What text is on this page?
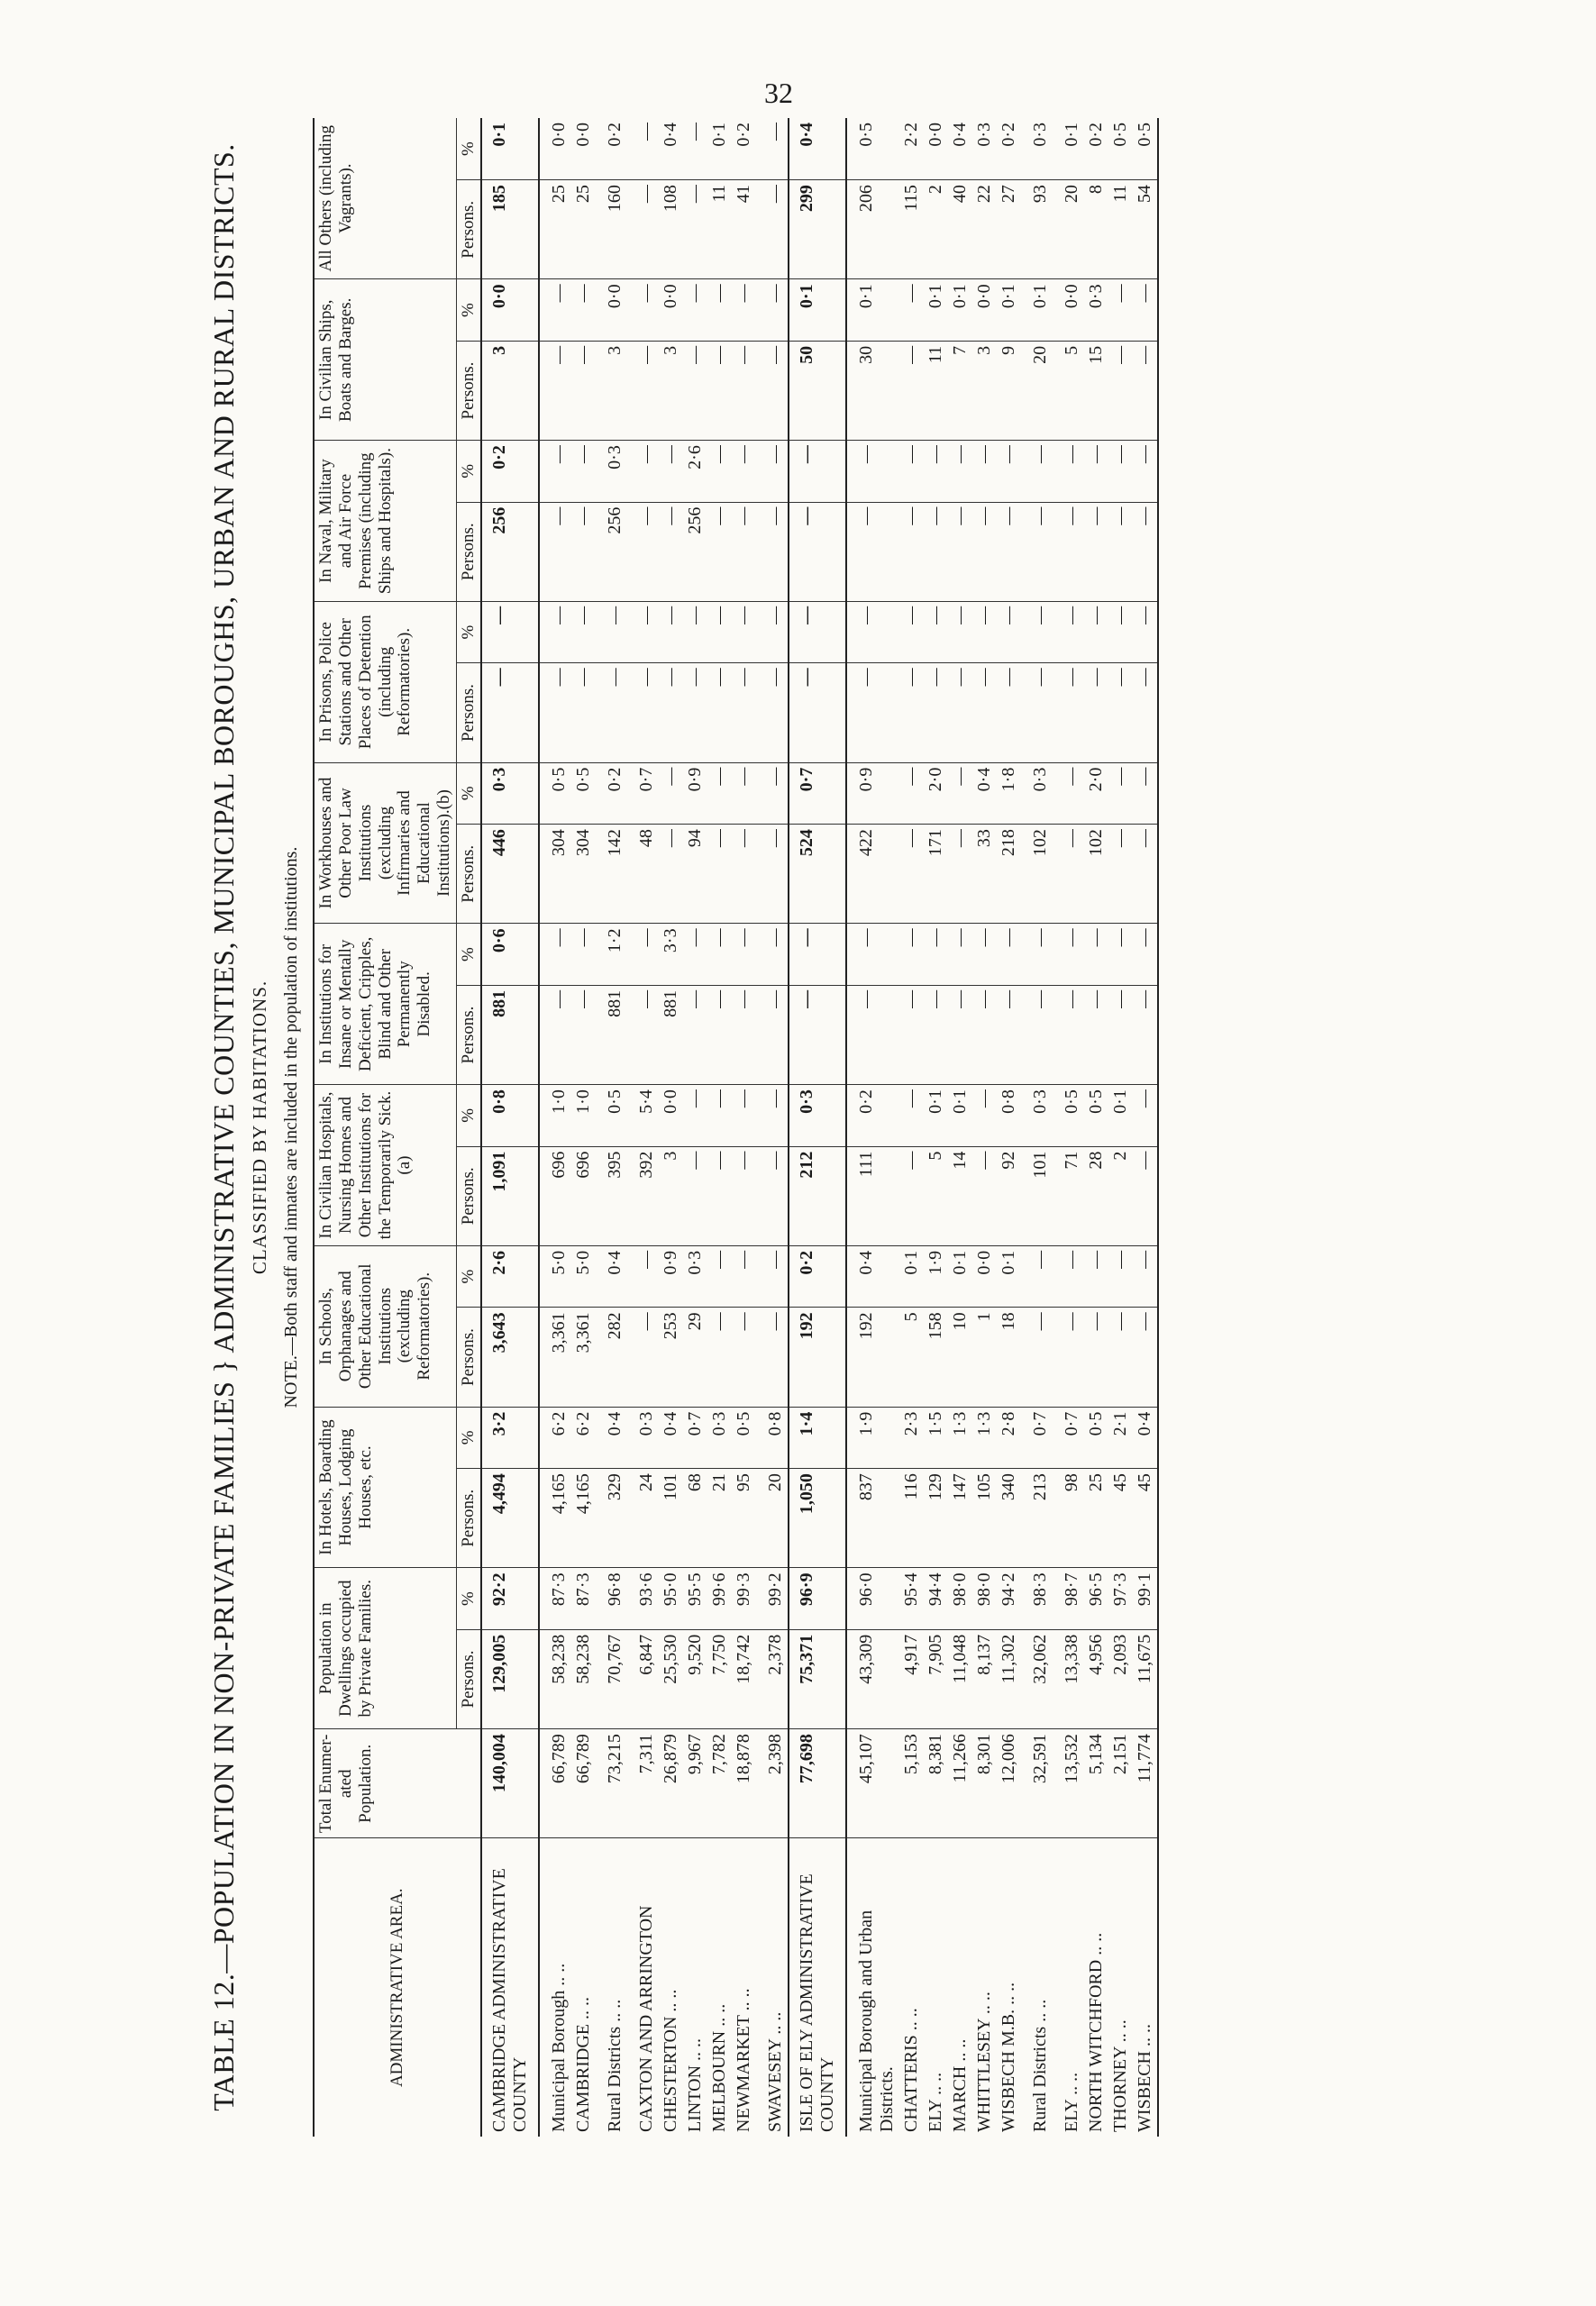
32
TABLE 12.—POPULATION IN NON-PRIVATE FAMILIES } ADMINISTRATIVE COUNTIES, MUNICIPAL BOROUGHS, URBAN AND RURAL DISTRICTS. CLASSIFIED BY HABITATIONS. NOTE.—Both staff and inmates are included in the population of institutions.
ADMINISTRATIVE AREA.	Total Enumer- ated Population.	Population in Dwellings occupied by Private Families.		In Hotels, Boarding Houses, Lodging Houses, etc.		In Schools, Orphanages and Other Educational Institutions (excluding Reformatories).		In Civilian Hospitals, Nursing Homes and Other Institutions for the Temporarily Sick.(a)		In Institutions for Insane or Mentally Deficient, Cripples, Blind and Other Permanently Disabled.		In Workhouses and Other Poor Law Institutions (excluding Infirmaries and Educational Institutions).(b)		In Prisons, Police Stations and Other Places of Detention (including Reformatories).		In Naval, Military and Air Force Premises (including Ships and Hospitals).		In Civilian Ships, Boats and Barges.		All Others (including Vagrants).	
		Persons.	%	Persons.	%	Persons.	%	Persons.	%	Persons.	%	Persons.	%	Persons.	%	Persons.	%	Persons.	%	Persons.	%
CAMBRIDGE ADMINISTRATIVE COUNTY	140,004	129,005	92·2	4,494	3·2	3,643	2·6	1,091	0·8	881	0·6	446	0·3	—	—	256	0·2	3	0·0	185	0·1
Municipal Borough .. ..	66,789	58,238	87·3	4,165	6·2	3,361	5·0	696	1·0	—	—	304	0·5	—	—	—	—	—	—	25	0·0
CAMBRIDGE .. ..	66,789	58,238	87·3	4,165	6·2	3,361	5·0	696	1·0	—	—	304	0·5	—	—	—	—	—	—	25	0·0
Rural Districts .. ..	73,215	70,767	96·8	329	0·4	282	0·4	395	0·5	881	1·2	142	0·2	—	—	256	0·3	3	0·0	160	0·2
CAXTON AND ARRINGTON	7,311	6,847	93·6	24	0·3	—	—	392	5·4	—	—	48	0·7	—	—	—	—	—	—	—	—
CHESTERTON .. ..	26,879	25,530	95·0	101	0·4	253	0·9	3	0·0	881	3·3	—	—	—	—	—	—	3	0·0	108	0·4
LINTON .. ..	9,967	9,520	95·5	68	0·7	29	0·3	—	—	—	—	94	0·9	—	—	256	2·6	—	—	—	—
MELBOURN .. ..	7,782	7,750	99·6	21	0·3	—	—	—	—	—	—	—	—	—	—	—	—	—	—	11	0·1
NEWMARKET .. ..	18,878	18,742	99·3	95	0·5	—	—	—	—	—	—	—	—	—	—	—	—	—	—	41	0·2
SWAVESEY .. ..	2,398	2,378	99·2	20	0·8	—	—	—	—	—	—	—	—	—	—	—	—	—	—	—	—
ISLE OF ELY ADMINISTRATIVE COUNTY	77,698	75,371	96·9	1,050	1·4	192	0·2	212	0·3	—	—	524	0·7	—	—	—	—	50	0·1	299	0·4
Municipal Borough and Urban Districts.	45,107	43,309	96·0	837	1·9	192	0·4	111	0·2	—	—	422	0·9	—	—	—	—	30	0·1	206	0·5
CHATTERIS .. ..	5,153	4,917	95·4	116	2·3	5	0·1	—	—	—	—	—	—	—	—	—	—	—	—	115	2·2
ELY .. ..	8,381	7,905	94·4	129	1·5	158	1·9	5	0·1	—	—	171	2·0	—	—	—	—	11	0·1	2	0·0
MARCH .. ..	11,266	11,048	98·0	147	1·3	10	0·1	14	0·1	—	—	—	—	—	—	—	—	7	0·1	40	0·4
WHITTLESEY .. ..	8,301	8,137	98·0	105	1·3	1	0·0	—	—	—	—	33	0·4	—	—	—	—	3	0·0	22	0·3
WISBECH M.B. .. ..	12,006	11,302	94·2	340	2·8	18	0·1	92	0·8	—	—	218	1·8	—	—	—	—	9	0·1	27	0·2
Rural Districts .. ..	32,591	32,062	98·3	213	0·7	—	—	101	0·3	—	—	102	0·3	—	—	—	—	20	0·1	93	0·3
ELY .. ..	13,532	13,338	98·7	98	0·7	—	—	71	0·5	—	—	—	—	—	—	—	—	5	0·0	20	0·1
NORTH WITCHFORD .. ..	5,134	4,956	96·5	25	0·5	—	—	28	0·5	—	—	102	2·0	—	—	—	—	15	0·3	8	0·2
THORNEY .. ..	2,151	2,093	97·3	45	2·1	—	—	2	0·1	—	—	—	—	—	—	—	—	—	—	11	0·5
WISBECH .. ..	11,774	11,675	99·1	45	0·4	—	—	—	—	—	—	—	—	—	—	—	—	—	—	54	0·5
